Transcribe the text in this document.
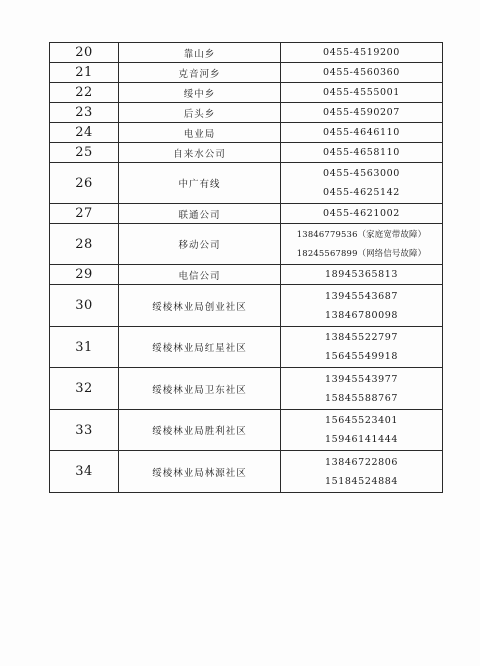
20	靠山乡	0455-4519200

21	克音河乡	0455-4560360

22	绥中乡	0455-4555001

23	后头乡	0455-4590207

24	电业局	0455-4646110

25	自来水公司	0455-4658110

26	中广有线	0455-4563000
0455-4625142

27	联通公司	0455-4621002

28	移动公司	13846779536（家庭宽带故障）
18245567899（网络信号故障）

29	电信公司	18945365813

30	绥棱林业局创业社区	13945543687
13846780098

31	绥棱林业局红星社区	13845522797
15645549918

32	绥棱林业局卫东社区	13945543977
15845588767

33	绥棱林业局胜利社区	15645523401
15946141444

34	绥棱林业局林源社区	13846722806
15184524884
